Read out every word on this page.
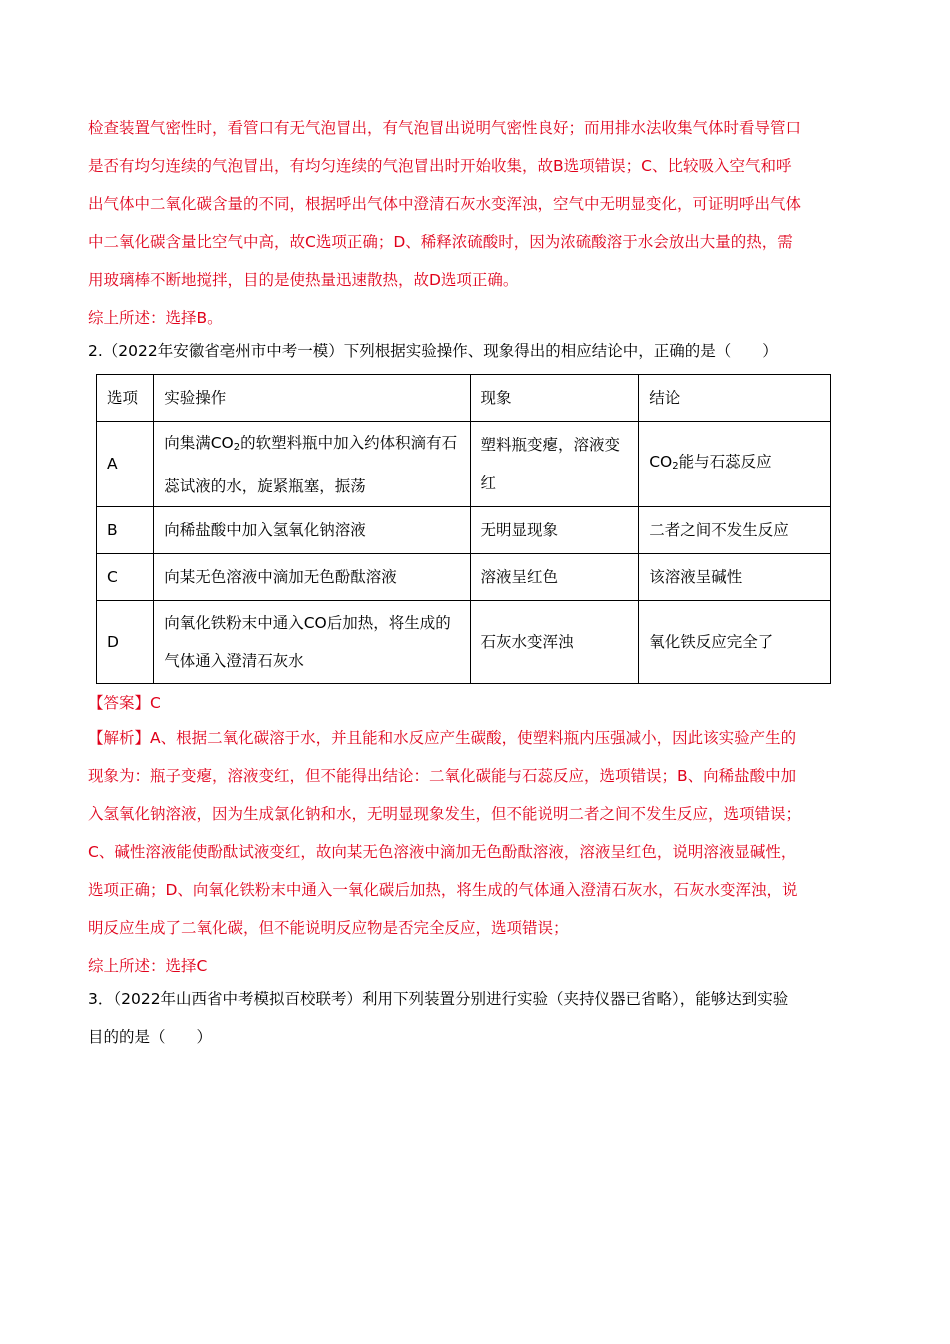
检查装置气密性时，看管口有无气泡冒出，有气泡冒出说明气密性良好；而用排水法收集气体时看导管口
是否有均匀连续的气泡冒出，有均匀连续的气泡冒出时开始收集，故B选项错误；C、比较吸入空气和呼
出气体中二氧化碳含量的不同，根据呼出气体中澄清石灰水变浑浊，空气中无明显变化，可证明呼出气体
中二氧化碳含量比空气中高，故C选项正确；D、稀释浓硫酸时，因为浓硫酸溶于水会放出大量的热，需
用玻璃棒不断地搅拌，目的是使热量迅速散热，故D选项正确。
综上所述：选择B。
2.（2022年安徽省亳州市中考一模）下列根据实验操作、现象得出的相应结论中，正确的是（　　）
选项	实验操作	现象	结论
A	向集满$CO_2$的软塑料瓶中加入约体积滴有石蕊试液的水，旋紧瓶塞，振荡	塑料瓶变瘪，溶液变红	$CO_2$能与石蕊反应
B	向稀盐酸中加入氢氧化钠溶液	无明显现象	二者之间不发生反应
C	向某无色溶液中滴加无色酚酞溶液	溶液呈红色	该溶液呈碱性
D	向氧化铁粉末中通入CO后加热，将生成的气体通入澄清石灰水	石灰水变浑浊	氧化铁反应完全了
【答案】C
【解析】A、根据二氧化碳溶于水，并且能和水反应产生碳酸，使塑料瓶内压强减小，因此该实验产生的
现象为：瓶子变瘪，溶液变红，但不能得出结论：二氧化碳能与石蕊反应，选项错误；B、向稀盐酸中加
入氢氧化钠溶液，因为生成氯化钠和水，无明显现象发生，但不能说明二者之间不发生反应，选项错误；
C、碱性溶液能使酚酞试液变红，故向某无色溶液中滴加无色酚酞溶液，溶液呈红色，说明溶液显碱性，
选项正确；D、向氧化铁粉末中通入一氧化碳后加热，将生成的气体通入澄清石灰水，石灰水变浑浊，说
明反应生成了二氧化碳，但不能说明反应物是否完全反应，选项错误；
综上所述：选择C
3．（2022年山西省中考模拟百校联考）利用下列装置分别进行实验（夹持仪器已省略），能够达到实验
目的的是（　　）
